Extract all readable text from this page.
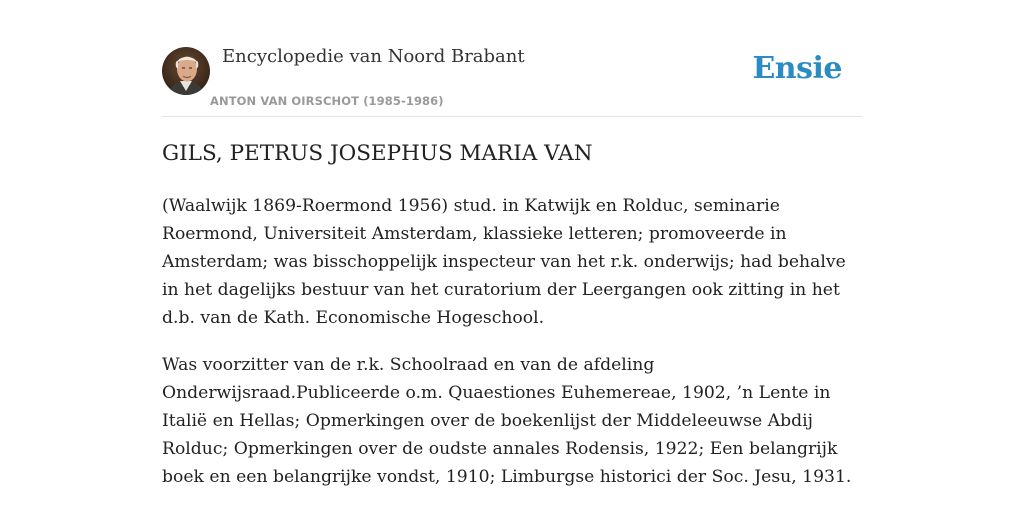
Encyclopedie van Noord Brabant
ANTON VAN OIRSCHOT (1985-1986)
Ensie
GILS, PETRUS JOSEPHUS MARIA VAN

(Waalwijk 1869-Roermond 1956) stud. in Katwijk en Rolduc, seminarie Roermond, Universiteit Amsterdam, klassieke letteren; promoveerde in Amsterdam; was bisschoppelijk inspecteur van het r.k. onderwijs; had behalve in het dagelijks bestuur van het curatorium der Leergangen ook zitting in het d.b. van de Kath. Economische Hogeschool.

Was voorzitter van de r.k. Schoolraad en van de afdeling Onderwijsraad.Publiceerde o.m. Quaestiones Euhemereae, 1902, ’n Lente in Italië en Hellas; Opmerkingen over de boekenlijst der Middeleeuwse Abdij Rolduc; Opmerkingen over de oudste annales Rodensis, 1922; Een belangrijk boek en een belangrijke vondst, 1910; Limburgse historici der Soc. Jesu, 1931.
